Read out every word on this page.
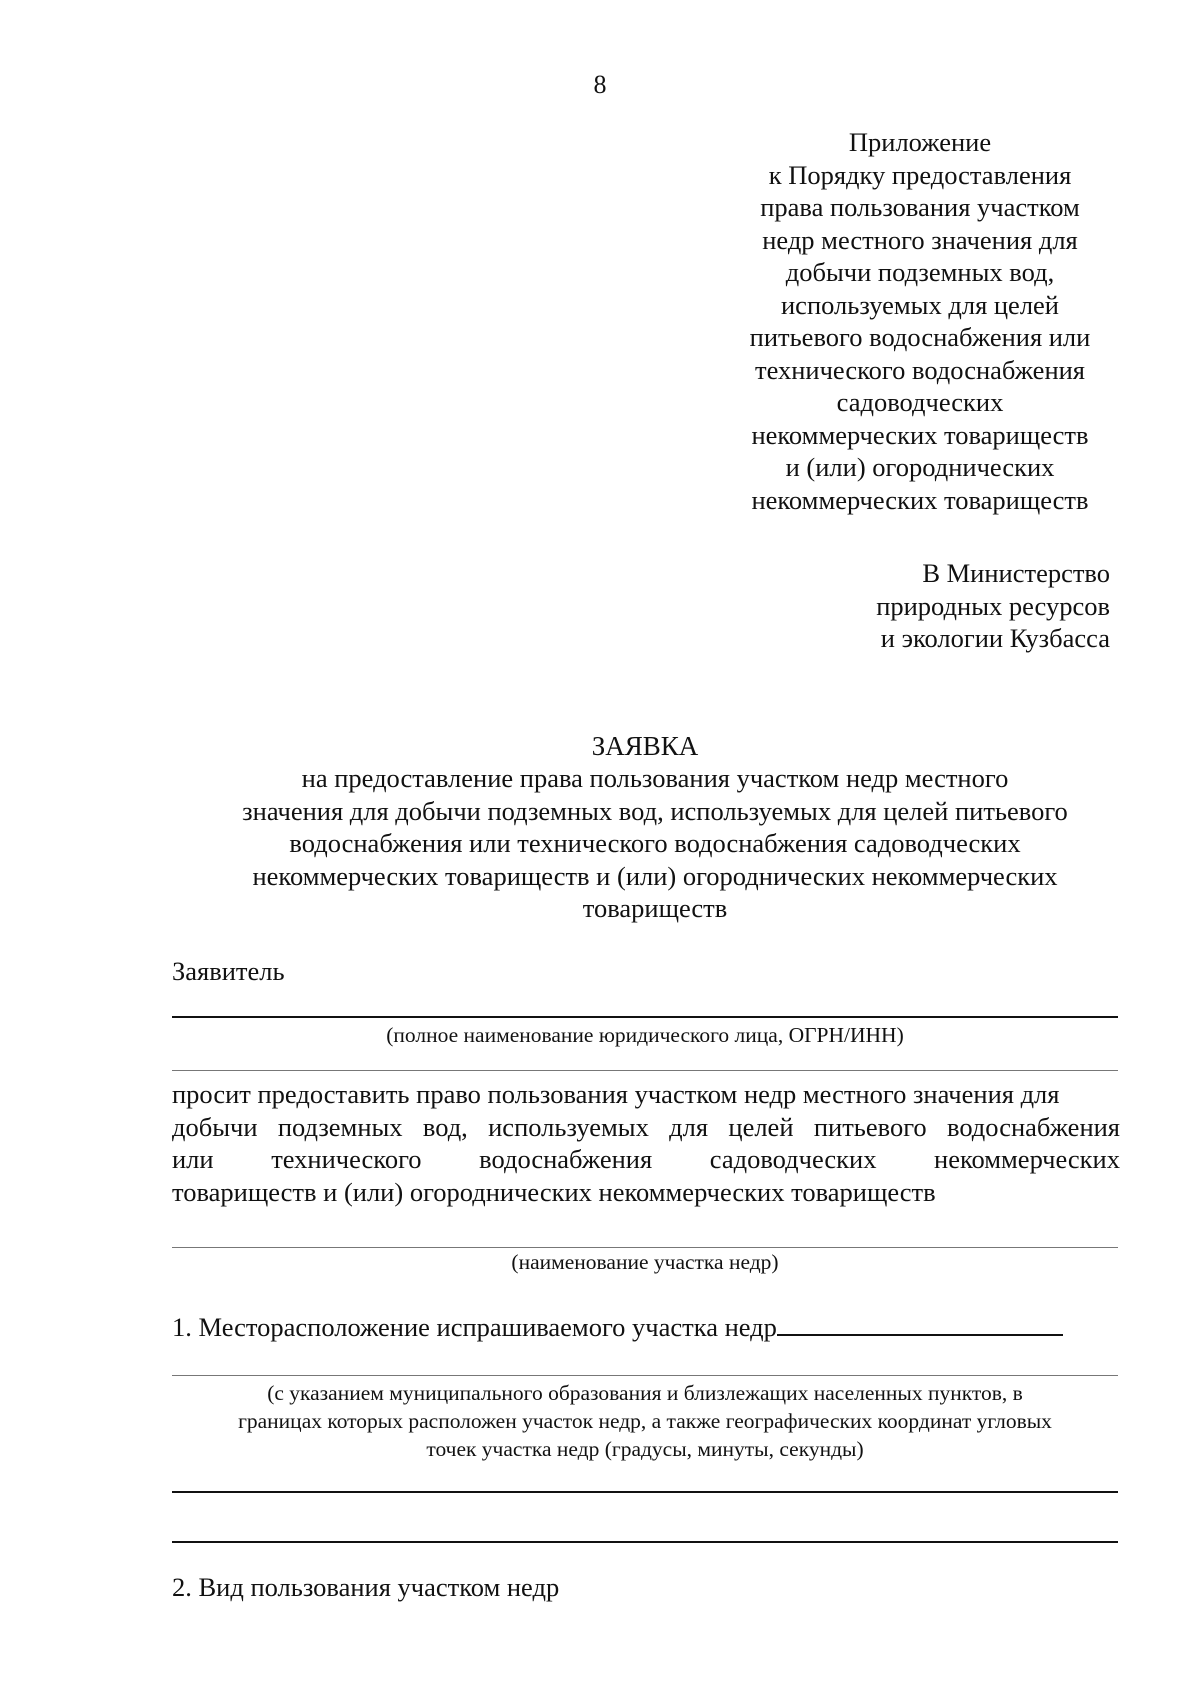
8
Приложение
к Порядку предоставления
права пользования участком
недр местного значения для
добычи подземных вод,
используемых для целей
питьевого водоснабжения или
технического водоснабжения
садоводческих
некоммерческих товариществ
и (или) огороднических
некоммерческих товариществ
В Министерство
природных ресурсов
и экологии Кузбасса
ЗАЯВКА
на предоставление права пользования участком недр местного
значения для добычи подземных вод, используемых для целей питьевого
водоснабжения или технического водоснабжения садоводческих
некоммерческих товариществ и (или) огороднических некоммерческих
товариществ
Заявитель
(полное наименование юридического лица, ОГРН/ИНН)
просит предоставить право пользования участком недр местного значения для
добычи подземных вод, используемых для целей питьевого водоснабжения
или технического водоснабжения садоводческих некоммерческих
товариществ и (или) огороднических некоммерческих товариществ
(наименование участка недр)
1. Месторасположение испрашиваемого участка недр
(с указанием муниципального образования и близлежащих населенных пунктов, в
границах которых расположен участок недр, а также географических координат угловых
точек участка недр (градусы, минуты, секунды)
2. Вид пользования участком недр
